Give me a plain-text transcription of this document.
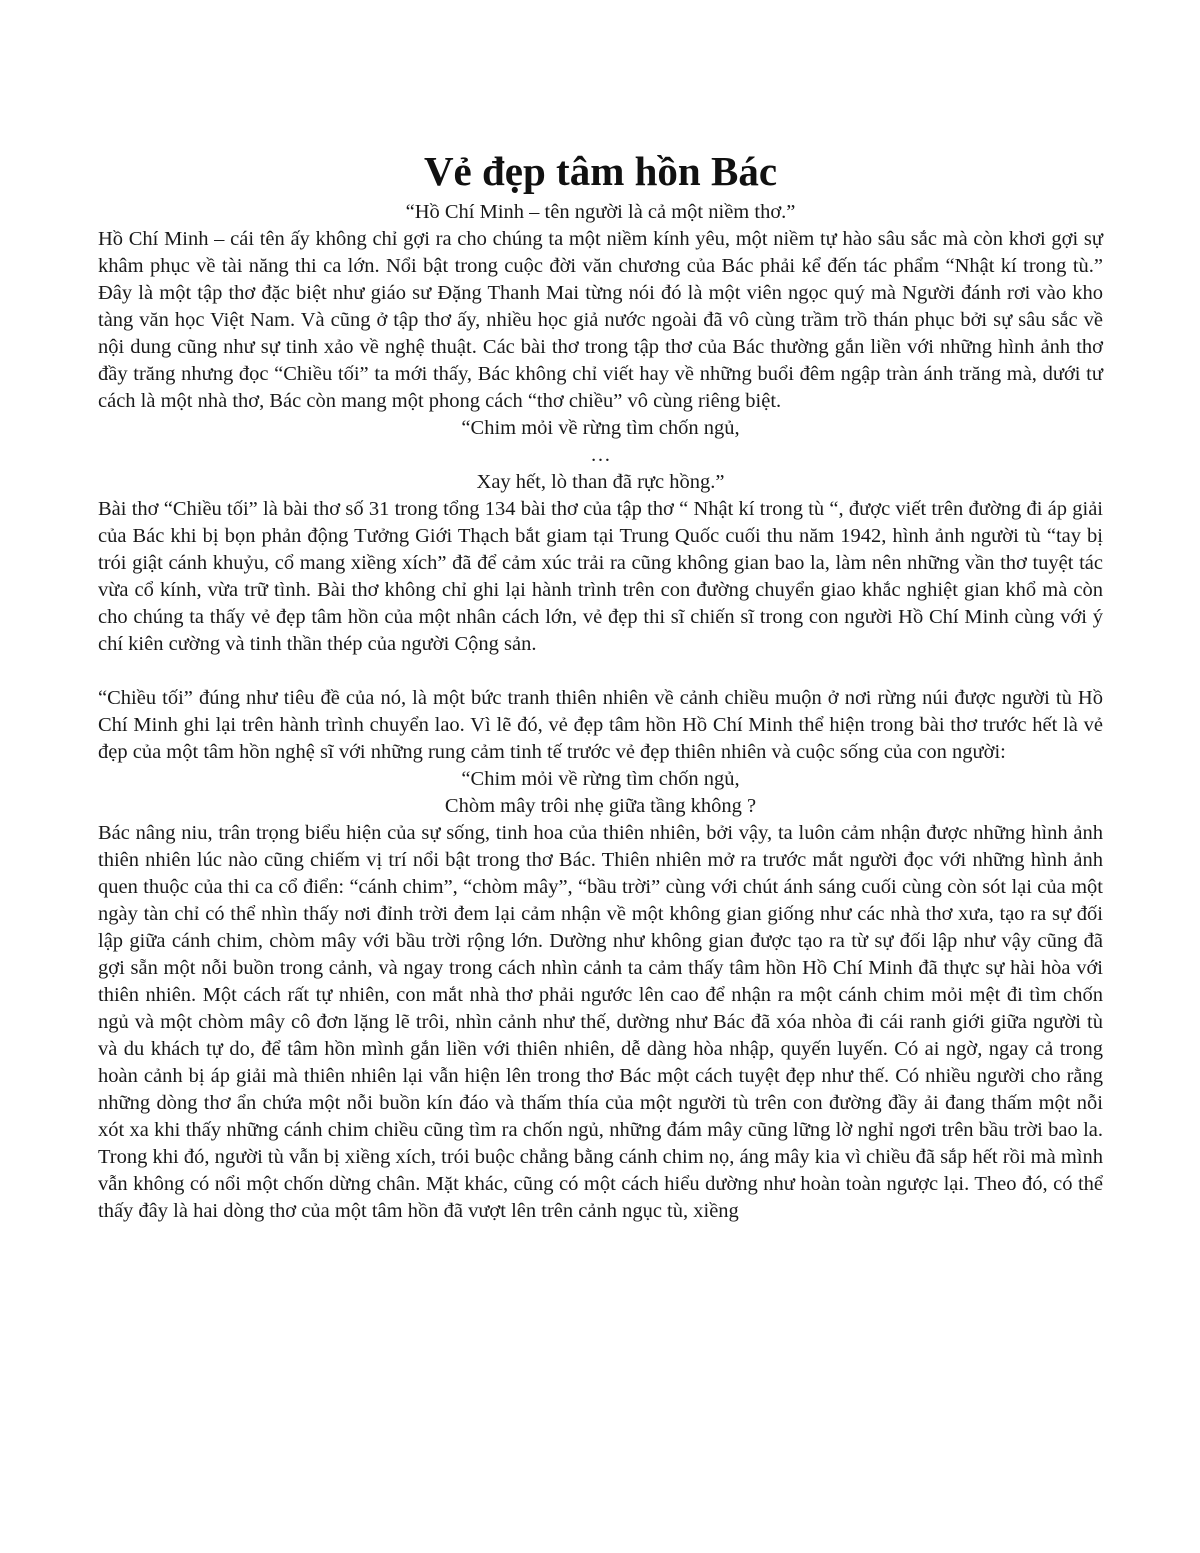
Vẻ đẹp tâm hồn Bác

“Hồ Chí Minh – tên người là cả một niềm thơ.”

Hồ Chí Minh – cái tên ấy không chỉ gợi ra cho chúng ta một niềm kính yêu, một niềm tự hào sâu sắc mà còn khơi gợi sự khâm phục về tài năng thi ca lớn. Nổi bật trong cuộc đời văn chương của Bác phải kể đến tác phẩm “Nhật kí trong tù.” Đây là một tập thơ đặc biệt như giáo sư Đặng Thanh Mai từng nói đó là một viên ngọc quý mà Người đánh rơi vào kho tàng văn học Việt Nam. Và cũng ở tập thơ ấy, nhiều học giả nước ngoài đã vô cùng trầm trồ thán phục bởi sự sâu sắc về nội dung cũng như sự tinh xảo về nghệ thuật. Các bài thơ trong tập thơ của Bác thường gắn liền với những hình ảnh thơ đầy trăng nhưng đọc “Chiều tối” ta mới thấy, Bác không chỉ viết hay về những buổi đêm ngập tràn ánh trăng mà, dưới tư cách là một nhà thơ, Bác còn mang một phong cách “thơ chiều” vô cùng riêng biệt.

“Chim mỏi về rừng tìm chốn ngủ,

…

Xay hết, lò than đã rực hồng.”

Bài thơ “Chiều tối” là bài thơ số 31 trong tổng 134 bài thơ của tập thơ “ Nhật kí trong tù “, được viết trên đường đi áp giải của Bác khi bị bọn phản động Tưởng Giới Thạch bắt giam tại Trung Quốc cuối thu năm 1942, hình ảnh người tù “tay bị trói giật cánh khuỷu, cổ mang xiềng xích” đã để cảm xúc trải ra cũng không gian bao la, làm nên những vần thơ tuyệt tác vừa cổ kính, vừa trữ tình. Bài thơ không chỉ ghi lại hành trình trên con đường chuyển giao khắc nghiệt gian khổ mà còn cho chúng ta thấy vẻ đẹp tâm hồn của một nhân cách lớn, vẻ đẹp thi sĩ chiến sĩ trong con người Hồ Chí Minh cùng với ý chí kiên cường và tinh thần thép của người Cộng sản.

“Chiều tối” đúng như tiêu đề của nó, là một bức tranh thiên nhiên về cảnh chiều muộn ở nơi rừng núi được người tù Hồ Chí Minh ghi lại trên hành trình chuyển lao. Vì lẽ đó, vẻ đẹp tâm hồn Hồ Chí Minh thể hiện trong bài thơ trước hết là vẻ đẹp của một tâm hồn nghệ sĩ với những rung cảm tinh tế trước vẻ đẹp thiên nhiên và cuộc sống của con người:

“Chim mỏi về rừng tìm chốn ngủ,

Chòm mây trôi nhẹ giữa tầng không ?

Bác nâng niu, trân trọng biểu hiện của sự sống, tinh hoa của thiên nhiên, bởi vậy, ta luôn cảm nhận được những hình ảnh thiên nhiên lúc nào cũng chiếm vị trí nổi bật trong thơ Bác. Thiên nhiên mở ra trước mắt người đọc với những hình ảnh quen thuộc của thi ca cổ điển: “cánh chim”, “chòm mây”, “bầu trời” cùng với chút ánh sáng cuối cùng còn sót lại của một ngày tàn chỉ có thể nhìn thấy nơi đỉnh trời đem lại cảm nhận về một không gian giống như các nhà thơ xưa, tạo ra sự đối lập giữa cánh chim, chòm mây với bầu trời rộng lớn. Dường như không gian được tạo ra từ sự đối lập như vậy cũng đã gợi sẵn một nỗi buồn trong cảnh, và ngay trong cách nhìn cảnh ta cảm thấy tâm hồn Hồ Chí Minh đã thực sự hài hòa với thiên nhiên. Một cách rất tự nhiên, con mắt nhà thơ phải ngước lên cao để nhận ra một cánh chim mỏi mệt đi tìm chốn ngủ và một chòm mây cô đơn lặng lẽ trôi, nhìn cảnh như thế, dường như Bác đã xóa nhòa đi cái ranh giới giữa người tù và du khách tự do, để tâm hồn mình gắn liền với thiên nhiên, dễ dàng hòa nhập, quyến luyến. Có ai ngờ, ngay cả trong hoàn cảnh bị áp giải mà thiên nhiên lại vẫn hiện lên trong thơ Bác một cách tuyệt đẹp như thế. Có nhiều người cho rằng những dòng thơ ẩn chứa một nỗi buồn kín đáo và thấm thía của một người tù trên con đường đầy ải đang thấm một nỗi xót xa khi thấy những cánh chim chiều cũng tìm ra chốn ngủ, những đám mây cũng lững lờ nghỉ ngơi trên bầu trời bao la. Trong khi đó, người tù vẫn bị xiềng xích, trói buộc chẳng bằng cánh chim nọ, áng mây kia vì chiều đã sắp hết rồi mà mình vẫn không có nổi một chốn dừng chân. Mặt khác, cũng có một cách hiểu dường như hoàn toàn ngược lại. Theo đó, có thể thấy đây là hai dòng thơ của một tâm hồn đã vượt lên trên cảnh ngục tù, xiềng
